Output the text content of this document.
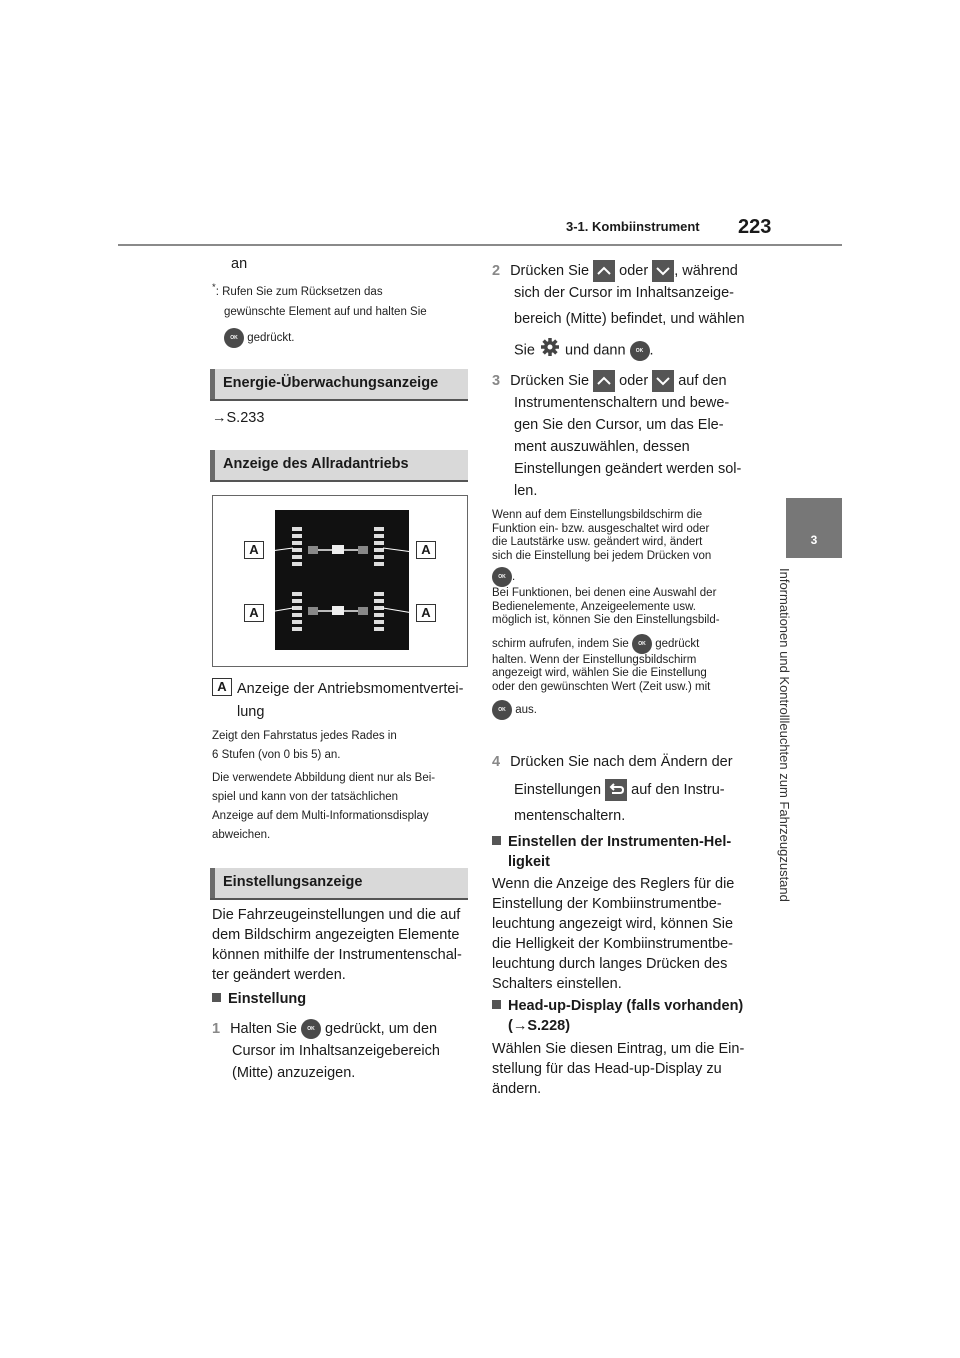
3-1. Kombiinstrument 223
3
Informationen und Kontrollleuchten zum Fahrzeugzustand
an
*: Rufen Sie zum Rücksetzen das
gewünschte Element auf und halten Sie
OK gedrückt.
Energie-Überwachungsanzeige
→S.233
Anzeige des Allradantriebs
A	A
A	A
A Anzeige der Antriebsmomentvertei-
lung
Zeigt den Fahrstatus jedes Rades in
6 Stufen (von 0 bis 5) an.
Die verwendete Abbildung dient nur als Bei-
spiel und kann von der tatsächlichen
Anzeige auf dem Multi-Informationsdisplay
abweichen.
Einstellungsanzeige
Die Fahrzeugeinstellungen und die auf
dem Bildschirm angezeigten Elemente
können mithilfe der Instrumentenschal-
ter geändert werden.
Einstellung
1 Halten Sie OK gedrückt, um den
Cursor im Inhaltsanzeigebereich
(Mitte) anzuzeigen.
2 Drücken Sie oder , während
sich der Cursor im Inhaltsanzeige-
bereich (Mitte) befindet, und wählen
Sie und dann OK .
3 Drücken Sie oder auf den
Instrumentenschaltern und bewe-
gen Sie den Cursor, um das Ele-
ment auszuwählen, dessen
Einstellungen geändert werden sol-
len.
Wenn auf dem Einstellungsbildschirm die
Funktion ein- bzw. ausgeschaltet wird oder
die Lautstärke usw. geändert wird, ändert
sich die Einstellung bei jedem Drücken von
OK .
Bei Funktionen, bei denen eine Auswahl der
Bedienelemente, Anzeigeelemente usw.
möglich ist, können Sie den Einstellungsbild-
schirm aufrufen, indem Sie OK gedrückt
halten. Wenn der Einstellungsbildschirm
angezeigt wird, wählen Sie die Einstellung
oder den gewünschten Wert (Zeit usw.) mit
OK aus.
4 Drücken Sie nach dem Ändern der
Einstellungen auf den Instru-
mentenschaltern.
Einstellen der Instrumenten-Hel-
ligkeit
Wenn die Anzeige des Reglers für die
Einstellung der Kombiinstrumentbe-
leuchtung angezeigt wird, können Sie
die Helligkeit der Kombiinstrumentbe-
leuchtung durch langes Drücken des
Schalters einstellen.
Head-up-Display (falls vorhanden)
(→S.228)
Wählen Sie diesen Eintrag, um die Ein-
stellung für das Head-up-Display zu
ändern.
